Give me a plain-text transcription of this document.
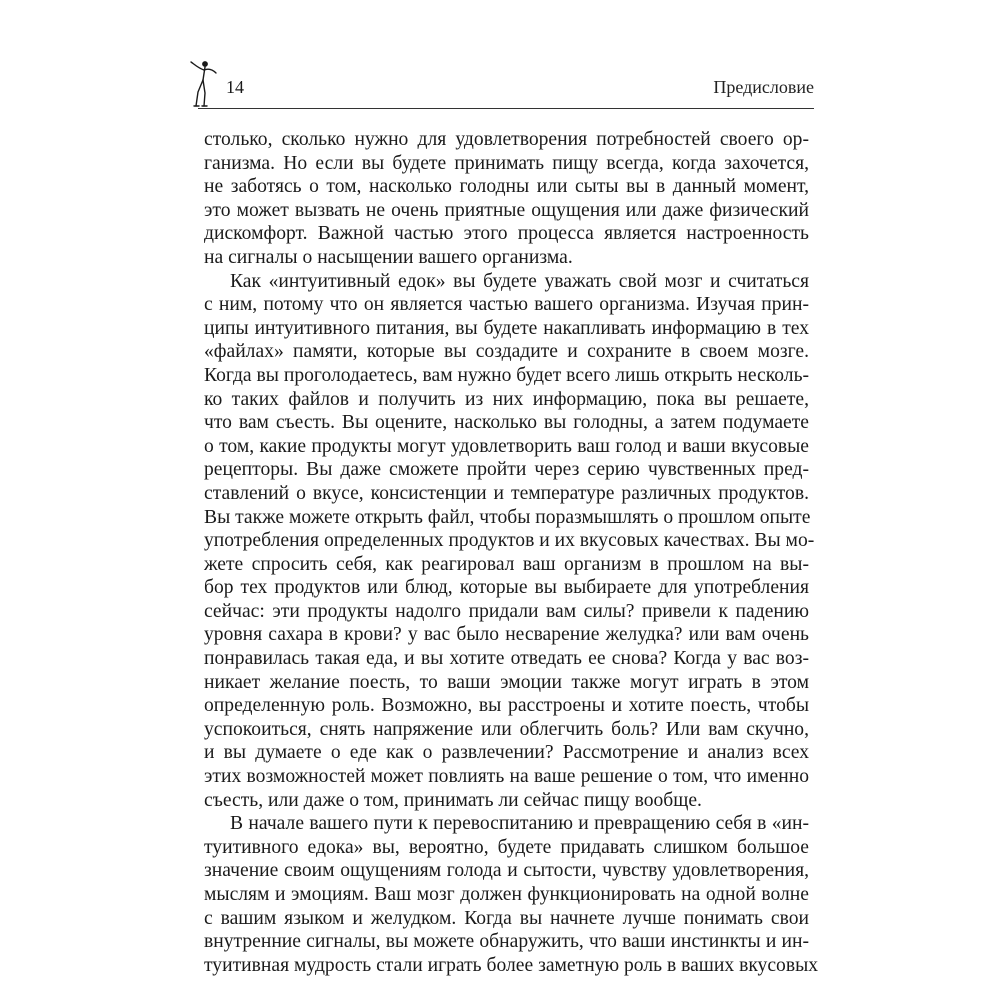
14	Предисловие
столько, сколько нужно для удовлетворения потребностей своего ор-
ганизма. Но если вы будете принимать пищу всегда, когда захочется,
не заботясь о том, насколько голодны или сыты вы в данный момент,
это может вызвать не очень приятные ощущения или даже физический
дискомфорт. Важной частью этого процесса является настроенность
на сигналы о насыщении вашего организма.
Как «интуитивный едок» вы будете уважать свой мозг и считаться
с ним, потому что он является частью вашего организма. Изучая прин-
ципы интуитивного питания, вы будете накапливать информацию в тех
«файлах» памяти, которые вы создадите и сохраните в своем мозге.
Когда вы проголодаетесь, вам нужно будет всего лишь открыть несколь-
ко таких файлов и получить из них информацию, пока вы решаете,
что вам съесть. Вы оцените, насколько вы голодны, а затем подумаете
о том, какие продукты могут удовлетворить ваш голод и ваши вкусовые
рецепторы. Вы даже сможете пройти через серию чувственных пред-
ставлений о вкусе, консистенции и температуре различных продуктов.
Вы также можете открыть файл, чтобы поразмышлять о прошлом опыте
употребления определенных продуктов и их вкусовых качествах. Вы мо-
жете спросить себя, как реагировал ваш организм в прошлом на вы-
бор тех продуктов или блюд, которые вы выбираете для употребления
сейчас: эти продукты надолго придали вам силы? привели к падению
уровня сахара в крови? у вас было несварение желудка? или вам очень
понравилась такая еда, и вы хотите отведать ее снова? Когда у вас воз-
никает желание поесть, то ваши эмоции также могут играть в этом
определенную роль. Возможно, вы расстроены и хотите поесть, чтобы
успокоиться, снять напряжение или облегчить боль? Или вам скучно,
и вы думаете о еде как о развлечении? Рассмотрение и анализ всех
этих возможностей может повлиять на ваше решение о том, что именно
съесть, или даже о том, принимать ли сейчас пищу вообще.
В начале вашего пути к перевоспитанию и превращению себя в «ин-
туитивного едока» вы, вероятно, будете придавать слишком большое
значение своим ощущениям голода и сытости, чувству удовлетворения,
мыслям и эмоциям. Ваш мозг должен функционировать на одной волне
с вашим языком и желудком. Когда вы начнете лучше понимать свои
внутренние сигналы, вы можете обнаружить, что ваши инстинкты и ин-
туитивная мудрость стали играть более заметную роль в ваших вкусовых
